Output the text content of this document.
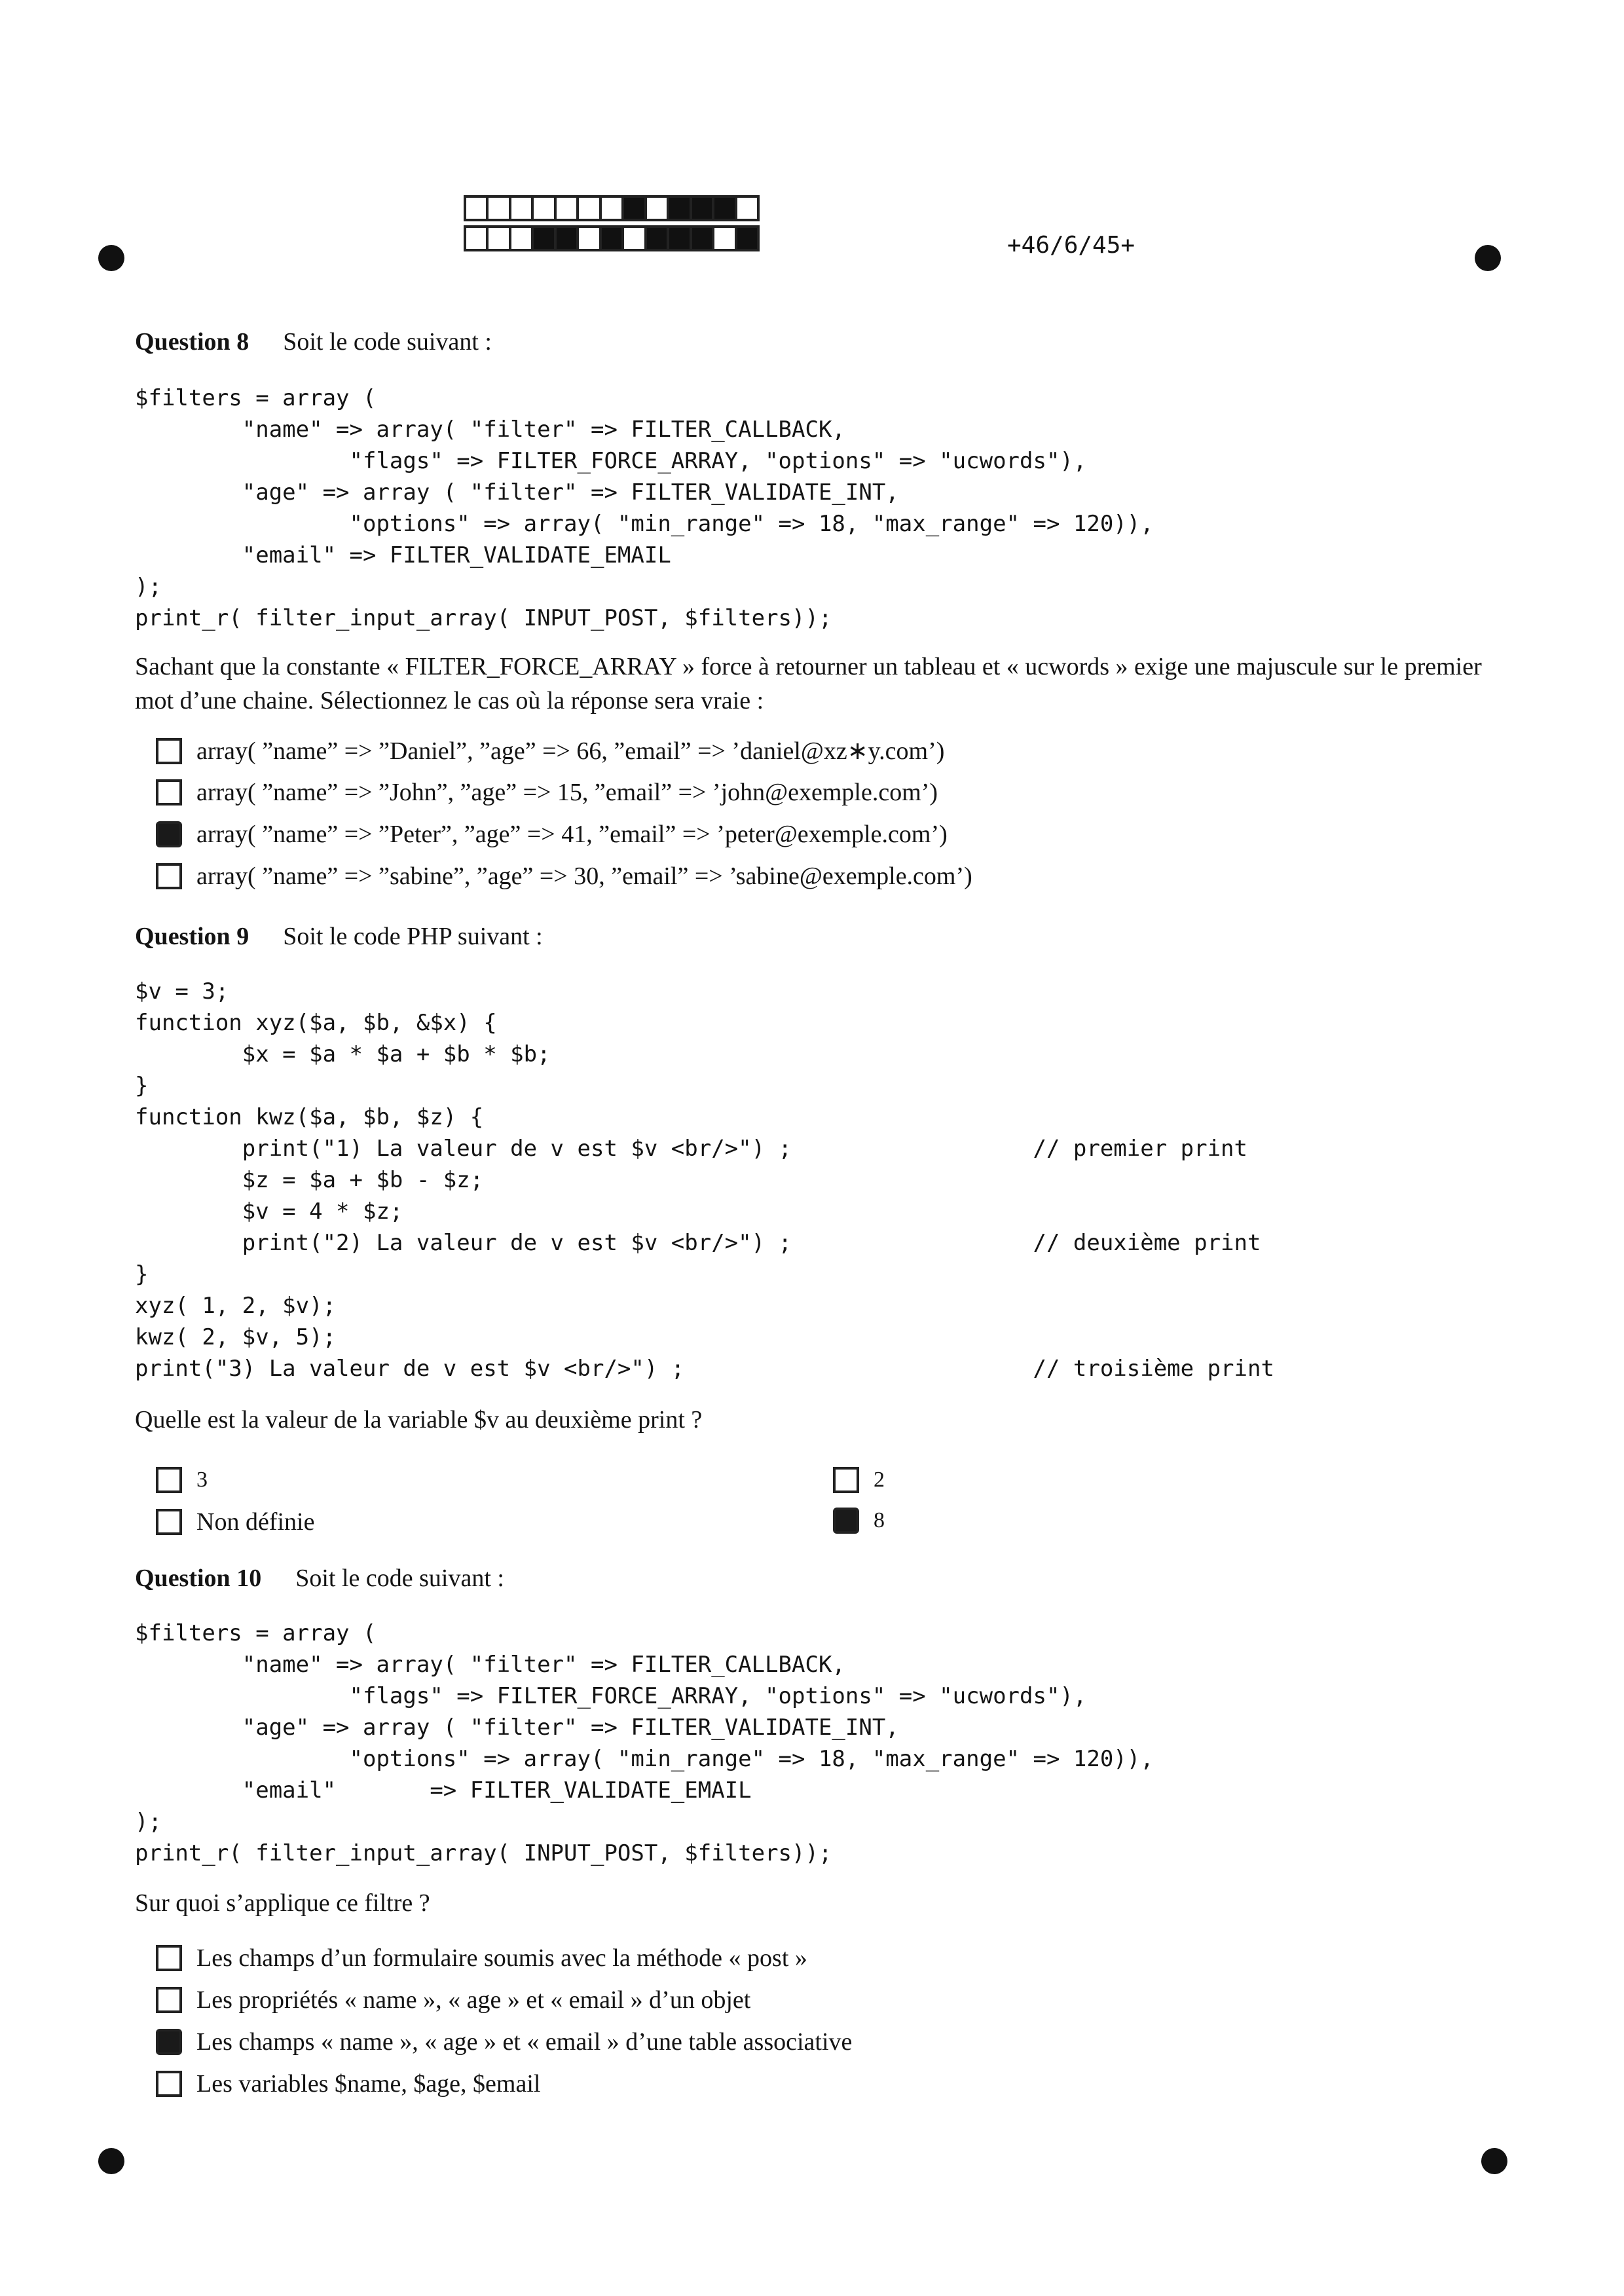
+46/6/45+
Question 8 Soit le code suivant :
$filters = array (
"name" => array( "filter" => FILTER_CALLBACK,
"flags" => FILTER_FORCE_ARRAY, "options" => "ucwords"),
"age" => array ( "filter" => FILTER_VALIDATE_INT,
"options" => array( "min_range" => 18, "max_range" => 120)),
"email" => FILTER_VALIDATE_EMAIL
);
print_r( filter_input_array( INPUT_POST, $filters));

Sachant que la constante « FILTER_FORCE_ARRAY » force à retourner un tableau et « ucwords » exige une majuscule sur le premier mot d’une chaine. Sélectionnez le cas où la réponse sera vraie :

array( ”name” => ”Daniel”, ”age” => 66, ”email” => ’daniel@xz∗y.com’)
array( ”name” => ”John”, ”age” => 15, ”email” => ’john@exemple.com’)
array( ”name” => ”Peter”, ”age” => 41, ”email” => ’peter@exemple.com’)
array( ”name” => ”sabine”, ”age” => 30, ”email” => ’sabine@exemple.com’)
Question 9 Soit le code PHP suivant :
$v = 3;
function xyz($a, $b, &$x) {
$x = $a * $a + $b * $b;
}
function kwz($a, $b, $z) {
print("1) La valeur de v est $v <br/>") ;                  // premier print
$z = $a + $b - $z;
$v = 4 * $z;
print("2) La valeur de v est $v <br/>") ;                  // deuxième print
}
xyz( 1, 2, $v);
kwz( 2, $v, 5);
print("3) La valeur de v est $v <br/>") ;                          // troisième print

Quelle est la valeur de la variable $v au deuxième print ?

3	2
Non définie	8
Question 10 Soit le code suivant :
$filters = array (
"name" => array( "filter" => FILTER_CALLBACK,
"flags" => FILTER_FORCE_ARRAY, "options" => "ucwords"),
"age" => array ( "filter" => FILTER_VALIDATE_INT,
"options" => array( "min_range" => 18, "max_range" => 120)),
"email"       => FILTER_VALIDATE_EMAIL
);
print_r( filter_input_array( INPUT_POST, $filters));

Sur quoi s’applique ce filtre ?

Les champs d’un formulaire soumis avec la méthode « post »
Les propriétés « name », « age » et « email » d’un objet
Les champs « name », « age » et « email » d’une table associative
Les variables $name, $age, $email
